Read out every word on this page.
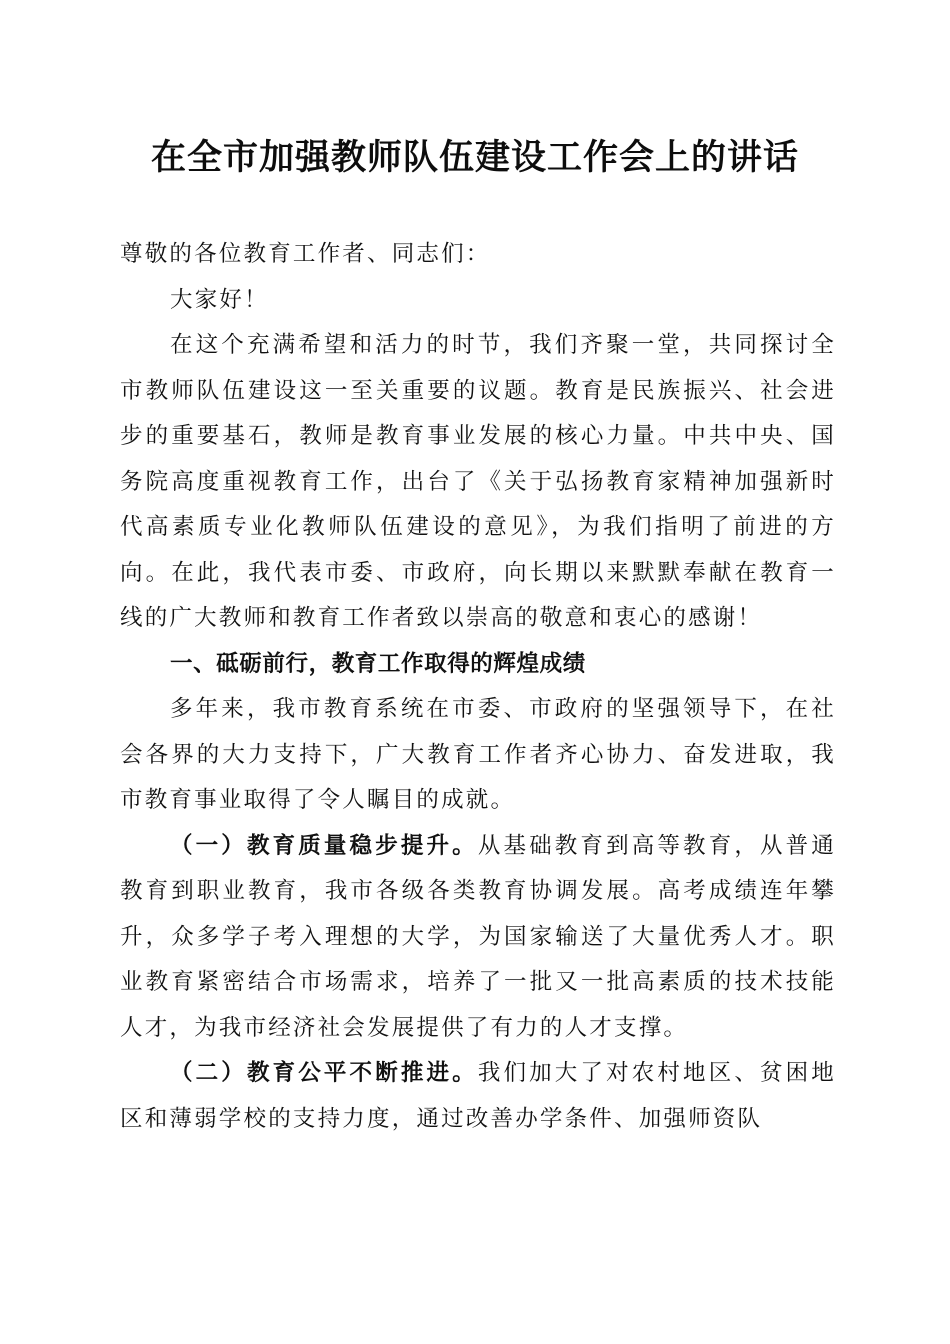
在全市加强教师队伍建设工作会上的讲话

尊敬的各位教育工作者、同志们：

大家好！

在这个充满希望和活力的时节，我们齐聚一堂，共同探讨全市教师队伍建设这一至关重要的议题。教育是民族振兴、社会进步的重要基石，教师是教育事业发展的核心力量。中共中央、国务院高度重视教育工作，出台了《关于弘扬教育家精神加强新时代高素质专业化教师队伍建设的意见》，为我们指明了前进的方向。在此，我代表市委、市政府，向长期以来默默奉献在教育一线的广大教师和教育工作者致以崇高的敬意和衷心的感谢！

一、砥砺前行，教育工作取得的辉煌成绩

多年来，我市教育系统在市委、市政府的坚强领导下，在社会各界的大力支持下，广大教育工作者齐心协力、奋发进取，我市教育事业取得了令人瞩目的成就。

（一）教育质量稳步提升。从基础教育到高等教育，从普通教育到职业教育，我市各级各类教育协调发展。高考成绩连年攀升，众多学子考入理想的大学，为国家输送了大量优秀人才。职业教育紧密结合市场需求，培养了一批又一批高素质的技术技能人才，为我市经济社会发展提供了有力的人才支撑。

（二）教育公平不断推进。我们加大了对农村地区、贫困地区和薄弱学校的支持力度，通过改善办学条件、加强师资队
